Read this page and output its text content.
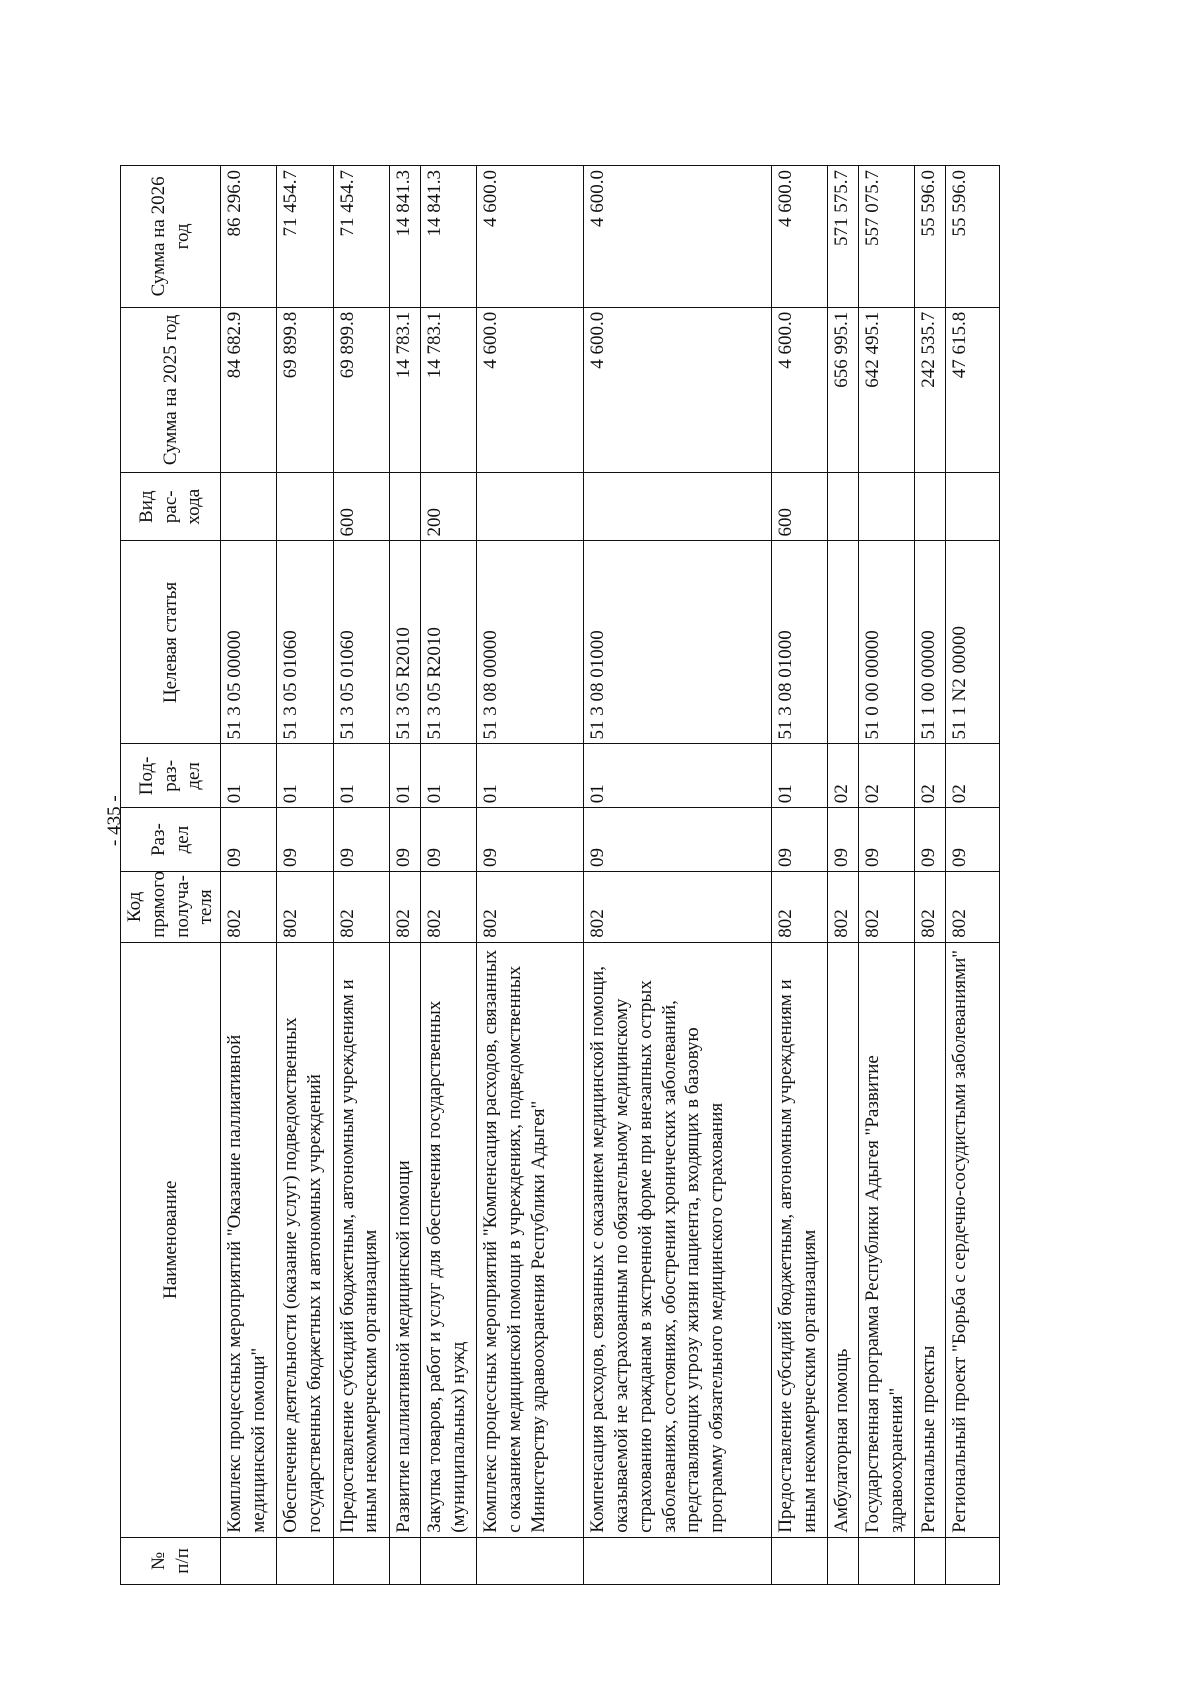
- 435 -
№ п/п	Наименование	Код прямого получа- теля	Раз- дел	Под- раз- дел	Целевая статья	Вид рас- хода	Сумма на 2025 год	Сумма на 2026 год
	Комплекс процессных мероприятий "Оказание паллиативной медицинской помощи"	802	09	01	51 3 05 00000		84 682.9	86 296.0
	Обеспечение деятельности (оказание услуг) подведомственных государственных бюджетных и автономных учреждений	802	09	01	51 3 05 01060		69 899.8	71 454.7
	Предоставление субсидий бюджетным, автономным учреждениям и иным некоммерческим организациям	802	09	01	51 3 05 01060	600	69 899.8	71 454.7
	Развитие паллиативной медицинской помощи	802	09	01	51 3 05 R2010		14 783.1	14 841.3
	Закупка товаров, работ и услуг для обеспечения государственных (муниципальных) нужд	802	09	01	51 3 05 R2010	200	14 783.1	14 841.3
	Комплекс процессных мероприятий "Компенсация расходов, связанных с оказанием медицинской помощи в учреждениях, подведомственных Министерству здравоохранения Республики Адыгея"	802	09	01	51 3 08 00000		4 600.0	4 600.0
	Компенсация расходов, связанных с оказанием медицинской помощи, оказываемой не застрахованным по обязательному медицинскому страхованию гражданам в экстренной форме при внезапных острых заболеваниях, состояниях, обострении хронических заболеваний, представляющих угрозу жизни пациента, входящих в базовую программу обязательного медицинского страхования	802	09	01	51 3 08 01000		4 600.0	4 600.0
	Предоставление субсидий бюджетным, автономным учреждениям и иным некоммерческим организациям	802	09	01	51 3 08 01000	600	4 600.0	4 600.0
	Амбулаторная помощь	802	09	02			656 995.1	571 575.7
	Государственная программа Республики Адыгея "Развитие здравоохранения"	802	09	02	51 0 00 00000		642 495.1	557 075.7
	Региональные проекты	802	09	02	51 1 00 00000		242 535.7	55 596.0
	Региональный проект "Борьба с сердечно-сосудистыми заболеваниями"	802	09	02	51 1 N2 00000		47 615.8	55 596.0
